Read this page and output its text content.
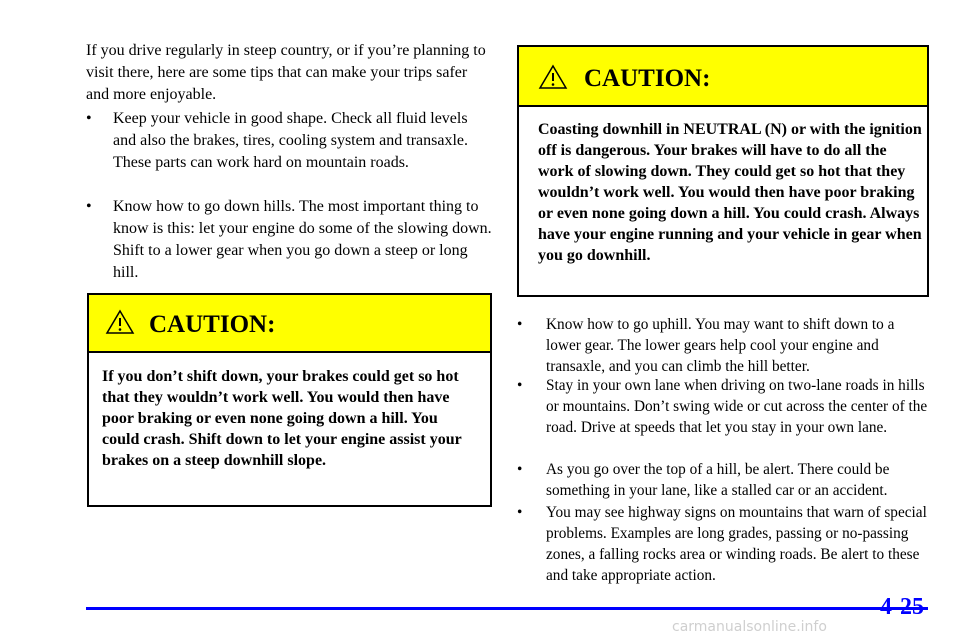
If you drive regularly in steep country, or if you’re planning to visit there, here are some tips that can make your trips safer and more enjoyable.
•	Keep your vehicle in good shape. Check all fluid levels and also the brakes, tires, cooling system and transaxle. These parts can work hard on mountain roads.
•	Know how to go down hills. The most important thing to know is this: let your engine do some of the slowing down. Shift to a lower gear when you go down a steep or long hill.
CAUTION:
If you don’t shift down, your brakes could get so hot that they wouldn’t work well. You would then have poor braking or even none going down a hill. You could crash. Shift down to let your engine assist your brakes on a steep downhill slope.
CAUTION:
Coasting downhill in NEUTRAL (N) or with the ignition off is dangerous. Your brakes will have to do all the work of slowing down. They could get so hot that they wouldn’t work well. You would then have poor braking or even none going down a hill. You could crash. Always have your engine running and your vehicle in gear when you go downhill.
•	Know how to go uphill. You may want to shift down to a lower gear. The lower gears help cool your engine and transaxle, and you can climb the hill better.
•	Stay in your own lane when driving on two-lane roads in hills or mountains. Don’t swing wide or cut across the center of the road. Drive at speeds that let you stay in your own lane.
•	As you go over the top of a hill, be alert. There could be something in your lane, like a stalled car or an accident.
•	You may see highway signs on mountains that warn of special problems. Examples are long grades, passing or no-passing zones, a falling rocks area or winding roads. Be alert to these and take appropriate action.
4-25
carmanualsonline.info
